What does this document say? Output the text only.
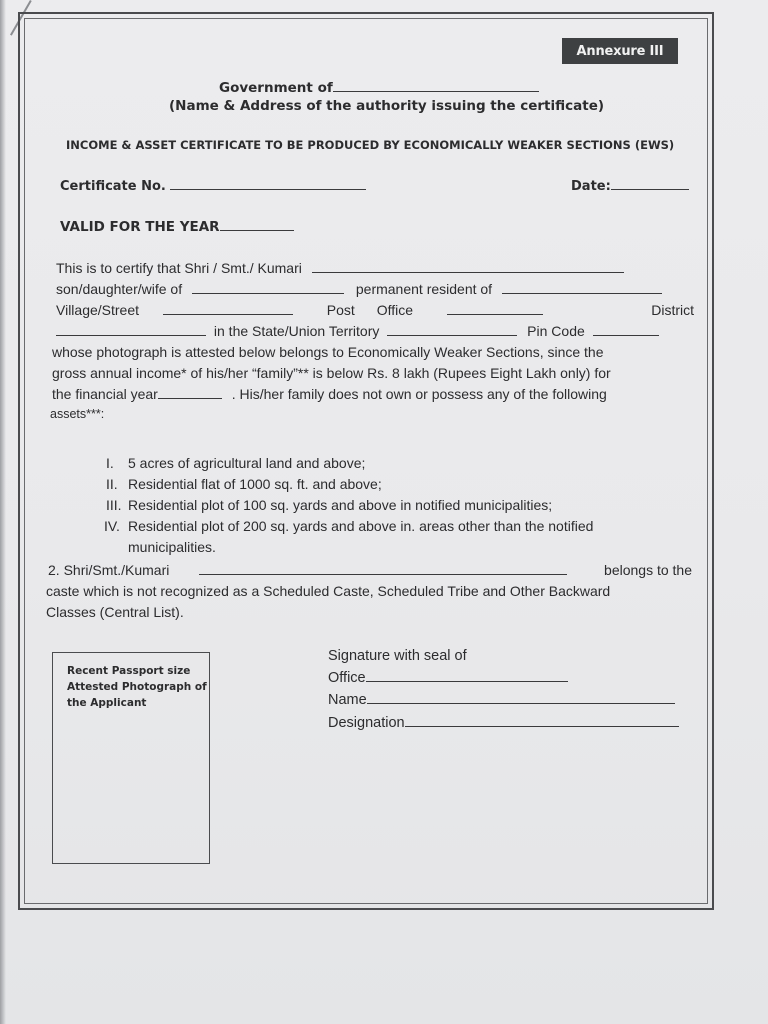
Annexure III
Government of
(Name & Address of the authority issuing the certificate)
INCOME & ASSET CERTIFICATE TO BE PRODUCED BY ECONOMICALLY WEAKER SECTIONS (EWS)
Certificate No.	Date:
VALID FOR THE YEAR
This is to certify that Shri / Smt./ Kumari
son/daughter/wife of	permanent resident of
Village/Street	Post Office	District
in the State/Union Territory	Pin Code
whose photograph is attested below belongs to Economically Weaker Sections, since the
gross annual income* of his/her “family”** is below Rs. 8 lakh (Rupees Eight Lakh only) for
the financial year	. His/her family does not own or possess any of the following
assets***:
I. 5 acres of agricultural land and above;
II. Residential flat of 1000 sq. ft. and above;
III. Residential plot of 100 sq. yards and above in notified municipalities;
IV. Residential plot of 200 sq. yards and above in. areas other than the notified
municipalities.
2. Shri/Smt./Kumari	belongs to the
caste which is not recognized as a Scheduled Caste, Scheduled Tribe and Other Backward
Classes (Central List).
Recent Passport size Attested Photograph of the Applicant
Signature with seal of
Office
Name
Designation
